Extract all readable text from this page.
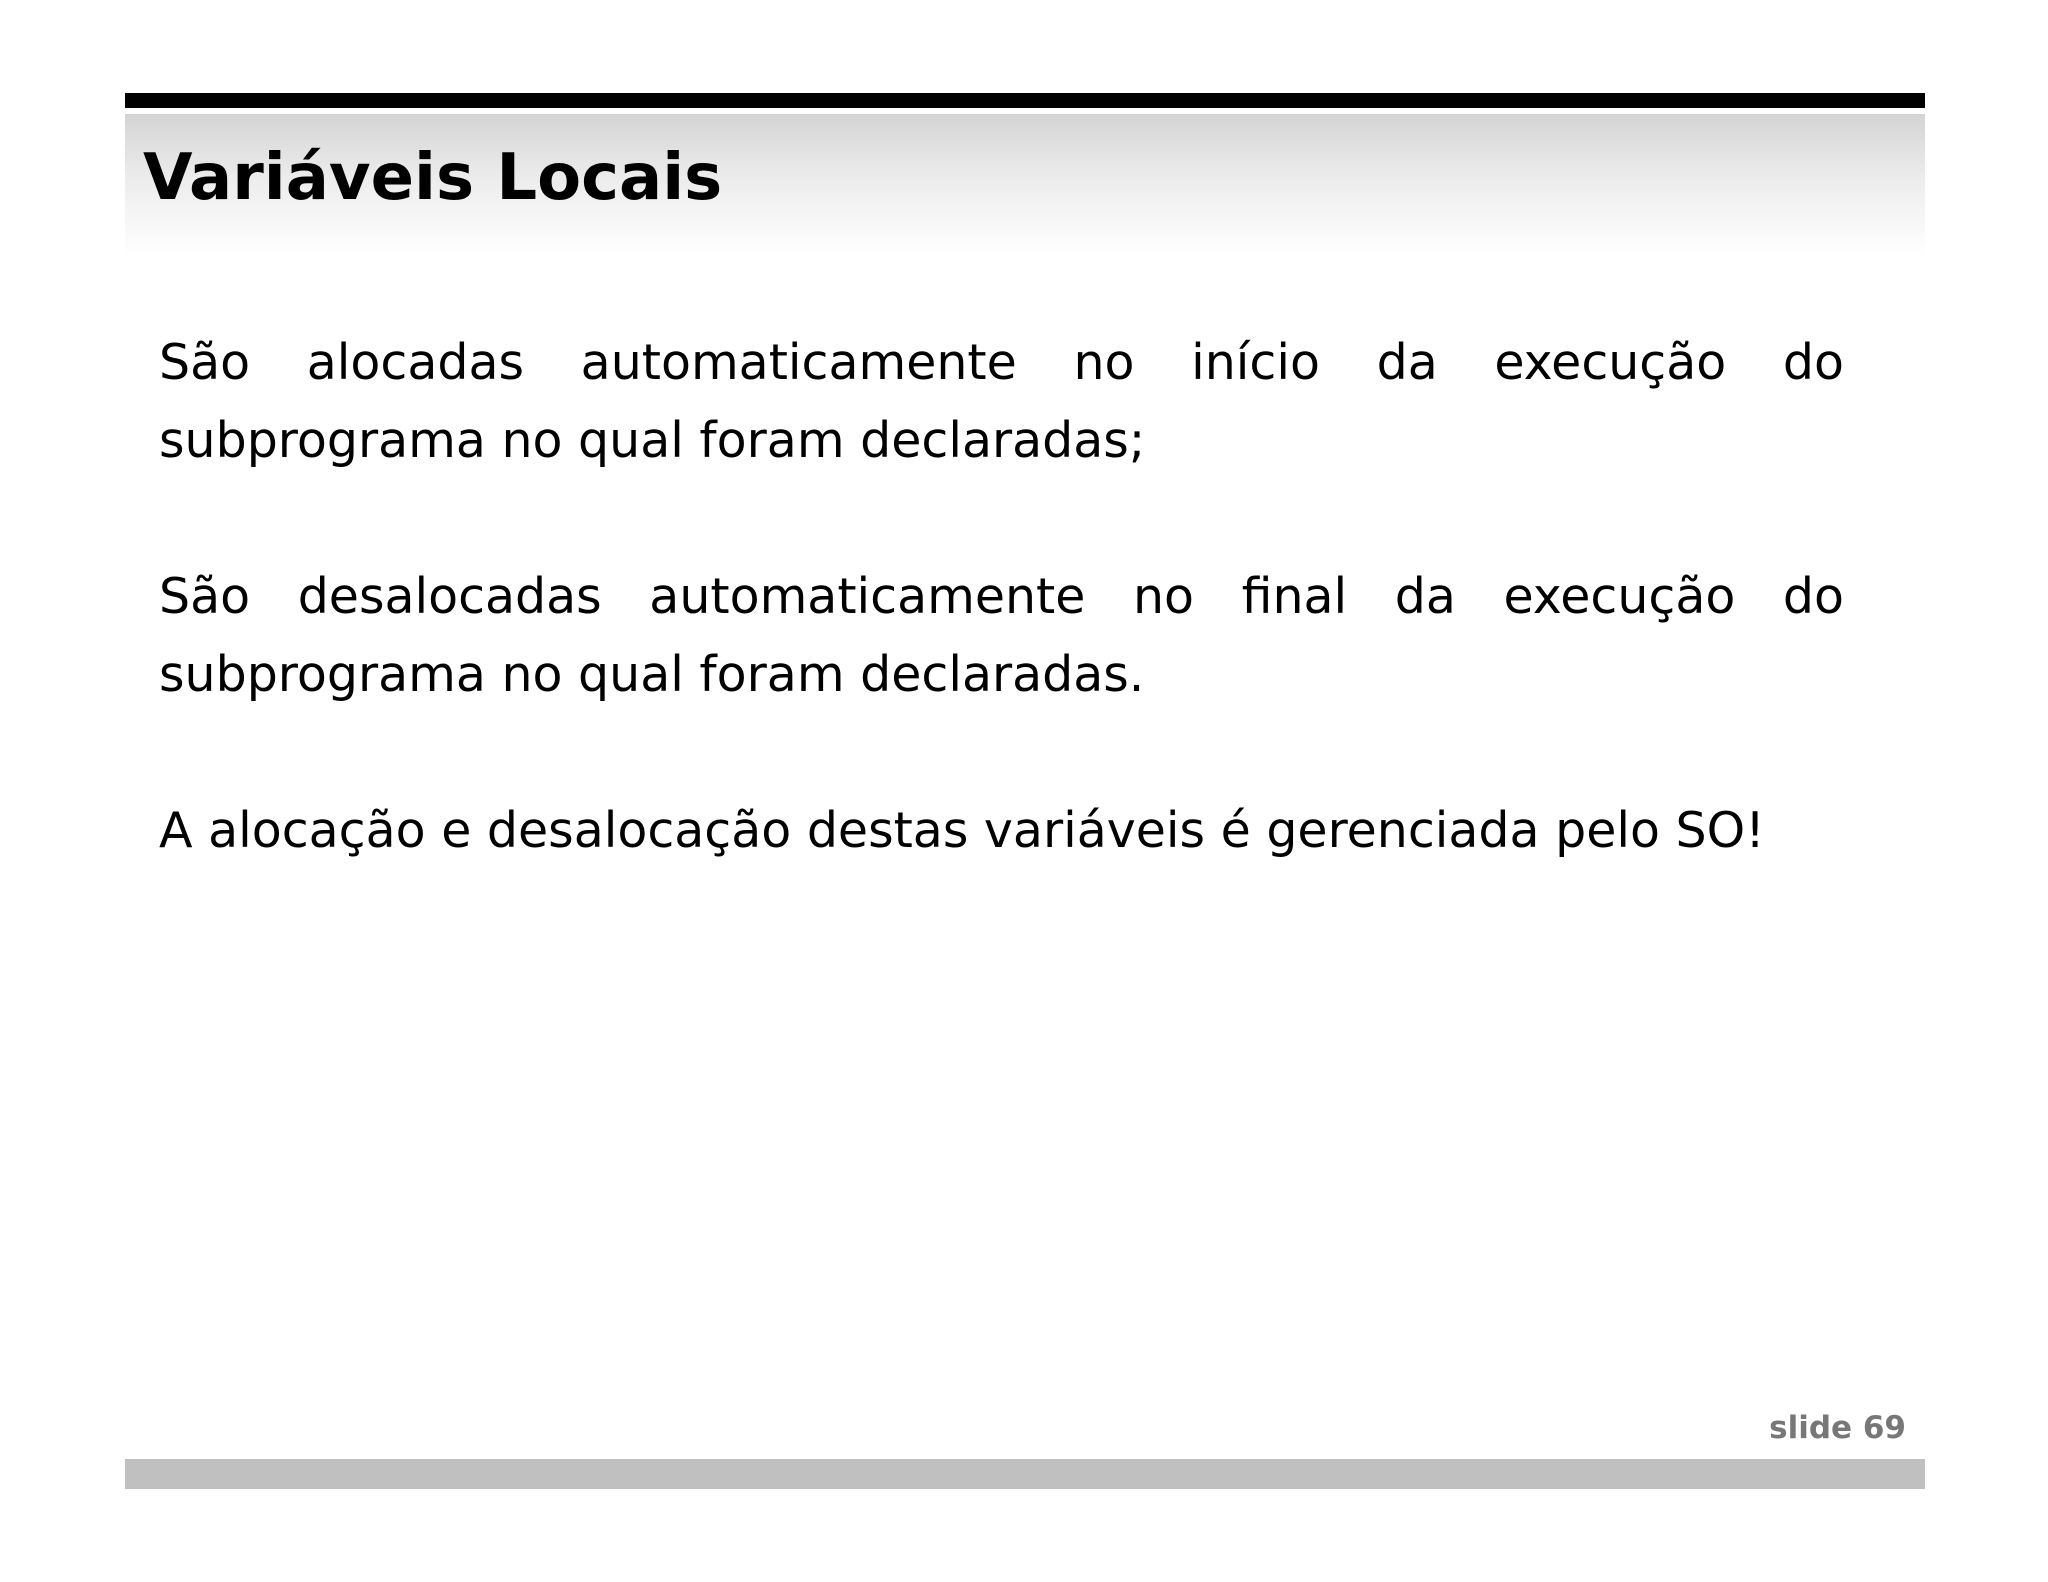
Variáveis Locais

São alocadas automaticamente no início da execução do subprograma no qual foram declaradas;

São desalocadas automaticamente no final da execução do subprograma no qual foram declaradas.

A alocação e desalocação destas variáveis é gerenciada pelo SO!

slide 69
